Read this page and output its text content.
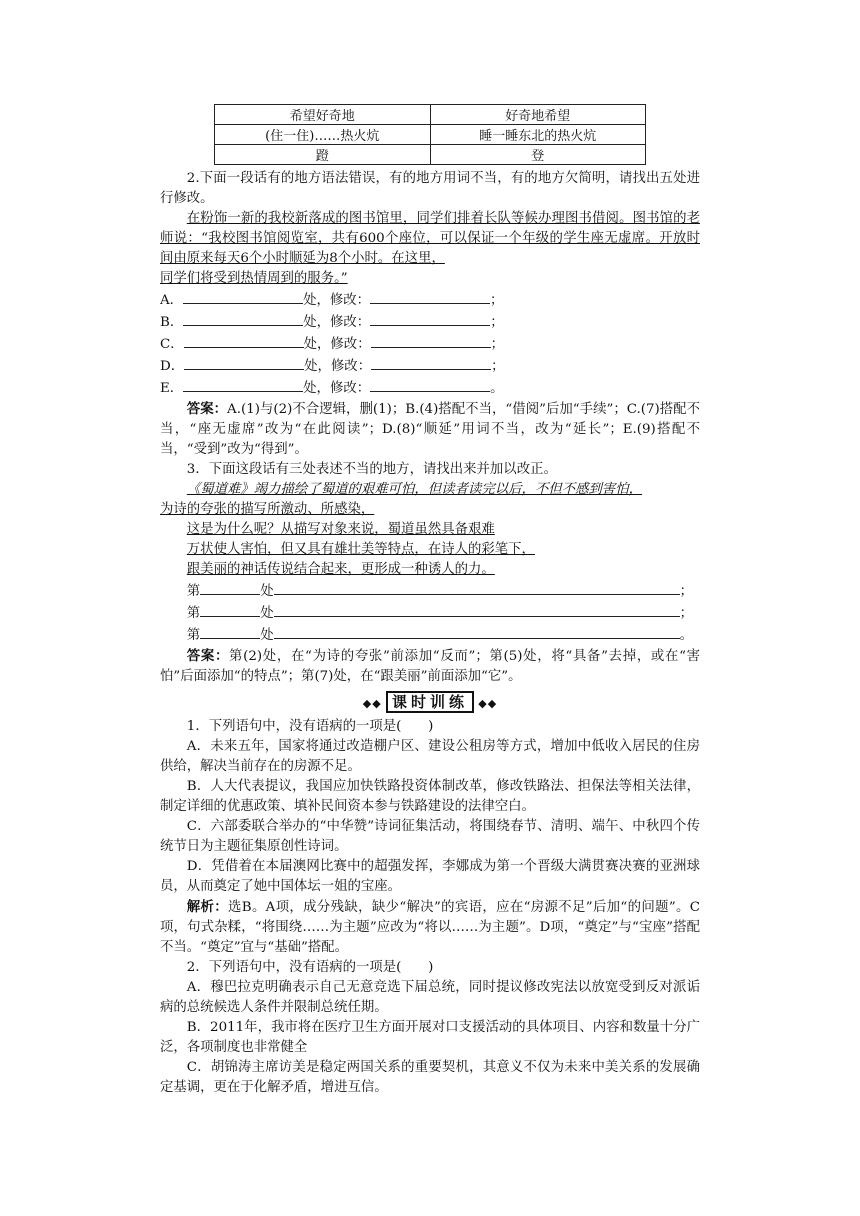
希望好奇地	好奇地希望
(住一住)……热火炕	睡一睡东北的热火炕
蹬	登

2.下面一段话有的地方语法错误，有的地方用词不当，有的地方欠简明，请找出五处进行修改。

在粉饰一新的我校新落成的图书馆里，同学们排着长队等候办理图书借阅。图书馆的老师说：“我校图书馆阅览室，共有600个座位，可以保证一个年级的学生座无虚席。开放时间由原来每天6个小时顺延为8个小时。在这里，

同学们将受到热情周到的服务。”

A．	处，修改：	；
B．	处，修改：	；
C．	处，修改：	；
D．	处，修改：	；
E．	处，修改：	。

答案：A.(1)与(2)不合逻辑，删(1)；B.(4)搭配不当，“借阅”后加“手续”；C.(7)搭配不当，“座无虚席”改为“在此阅读”；D.(8)“顺延”用词不当，改为“延长”；E.(9)搭配不当，“受到”改为“得到”。

3．下面这段话有三处表述不当的地方，请找出来并加以改正。

《蜀道难》竭力描绘了蜀道的艰难可怕，但读者读完以后，不但不感到害怕，

为诗的夸张的描写所激动、所感染，

这是为什么呢？从描写对象来说，蜀道虽然具备艰难

万状使人害怕，但又具有雄壮美等特点，在诗人的彩笔下，

跟美丽的神话传说结合起来，更形成一种诱人的力。

第	处	；
第	处	；
第	处	。

答案：第(2)处，在“为诗的夸张”前添加“反而”；第(5)处，将“具备”去掉，或在“害怕”后面添加“的特点”；第(7)处，在“跟美丽”前面添加“它”。

◆◆ 课时训练 ◆◆

1．下列语句中，没有语病的一项是(　　)

A．未来五年，国家将通过改造棚户区、建设公租房等方式，增加中低收入居民的住房供给，解决当前存在的房源不足。

B．人大代表提议，我国应加快铁路投资体制改革，修改铁路法、担保法等相关法律，制定详细的优惠政策、填补民间资本参与铁路建设的法律空白。

C．六部委联合举办的“中华赞”诗词征集活动，将围绕春节、清明、端午、中秋四个传统节日为主题征集原创性诗词。

D．凭借着在本届澳网比赛中的超强发挥，李娜成为第一个晋级大满贯赛决赛的亚洲球员，从而奠定了她中国体坛一姐的宝座。

解析：选B。A项，成分残缺，缺少“解决”的宾语，应在“房源不足”后加“的问题”。C项，句式杂糅，“将围绕……为主题”应改为“将以……为主题”。D项，“奠定”与“宝座”搭配不当。“奠定”宜与“基础”搭配。

2．下列语句中，没有语病的一项是(　　)

A．穆巴拉克明确表示自己无意竞选下届总统，同时提议修改宪法以放宽受到反对派诟病的总统候选人条件并限制总统任期。

B．2011年，我市将在医疗卫生方面开展对口支援活动的具体项目、内容和数量十分广泛，各项制度也非常健全

C．胡锦涛主席访美是稳定两国关系的重要契机，其意义不仅为未来中美关系的发展确定基调，更在于化解矛盾，增进互信。
